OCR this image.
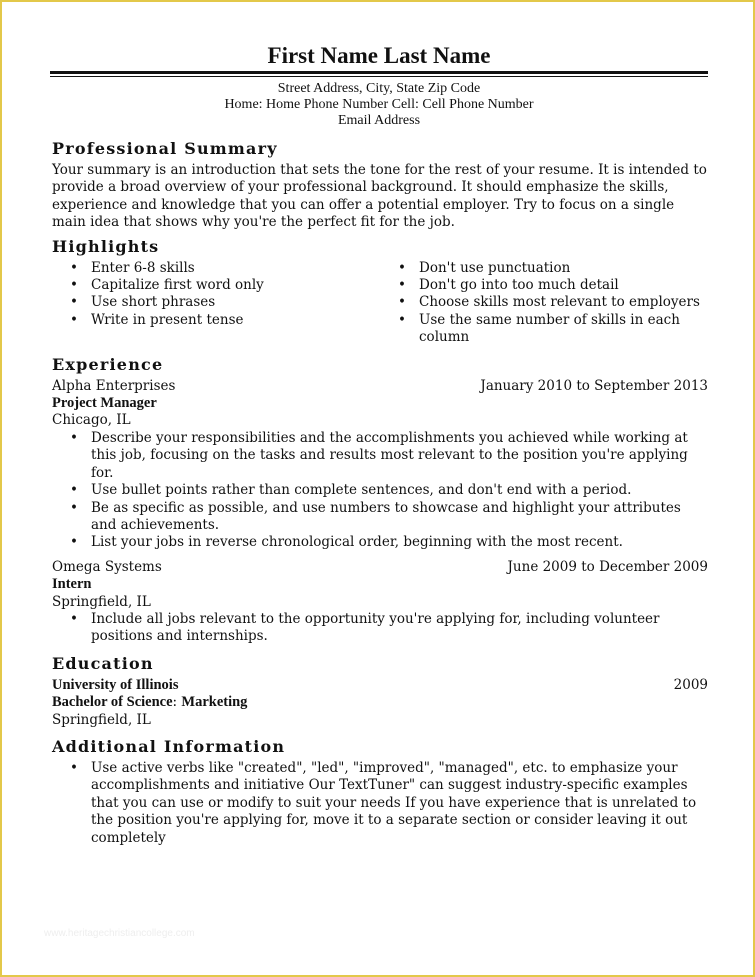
First Name Last Name
Street Address, City, State Zip Code
Home: Home Phone Number Cell: Cell Phone Number
Email Address
Professional Summary

Your summary is an introduction that sets the tone for the rest of your resume. It is intended to provide a broad overview of your professional background. It should emphasize the skills, experience and knowledge that you can offer a potential employer. Try to focus on a single main idea that shows why you're the perfect fit for the job.

Highlights
• Enter 6-8 skills
• Capitalize first word only
• Use short phrases
• Write in present tense
• Don't use punctuation
• Don't go into too much detail
• Choose skills most relevant to employers
• Use the same number of skills in each column
Experience
Alpha Enterprises	January 2010 to September 2013
Project Manager
Chicago, IL
• Describe your responsibilities and the accomplishments you achieved while working at this job, focusing on the tasks and results most relevant to the position you're applying for.
• Use bullet points rather than complete sentences, and don't end with a period.
• Be as specific as possible, and use numbers to showcase and highlight your attributes and achievements.
• List your jobs in reverse chronological order, beginning with the most recent.
Omega Systems	June 2009 to December 2009
Intern
Springfield, IL
• Include all jobs relevant to the opportunity you're applying for, including volunteer positions and internships.
Education
University of Illinois	2009
Bachelor of Science: Marketing
Springfield, IL
Additional Information
• Use active verbs like "created", "led", "improved", "managed", etc. to emphasize your accomplishments and initiative Our TextTuner" can suggest industry-specific examples that you can use or modify to suit your needs If you have experience that is unrelated to the position you're applying for, move it to a separate section or consider leaving it out completely
www.heritagechristiancollege.com
